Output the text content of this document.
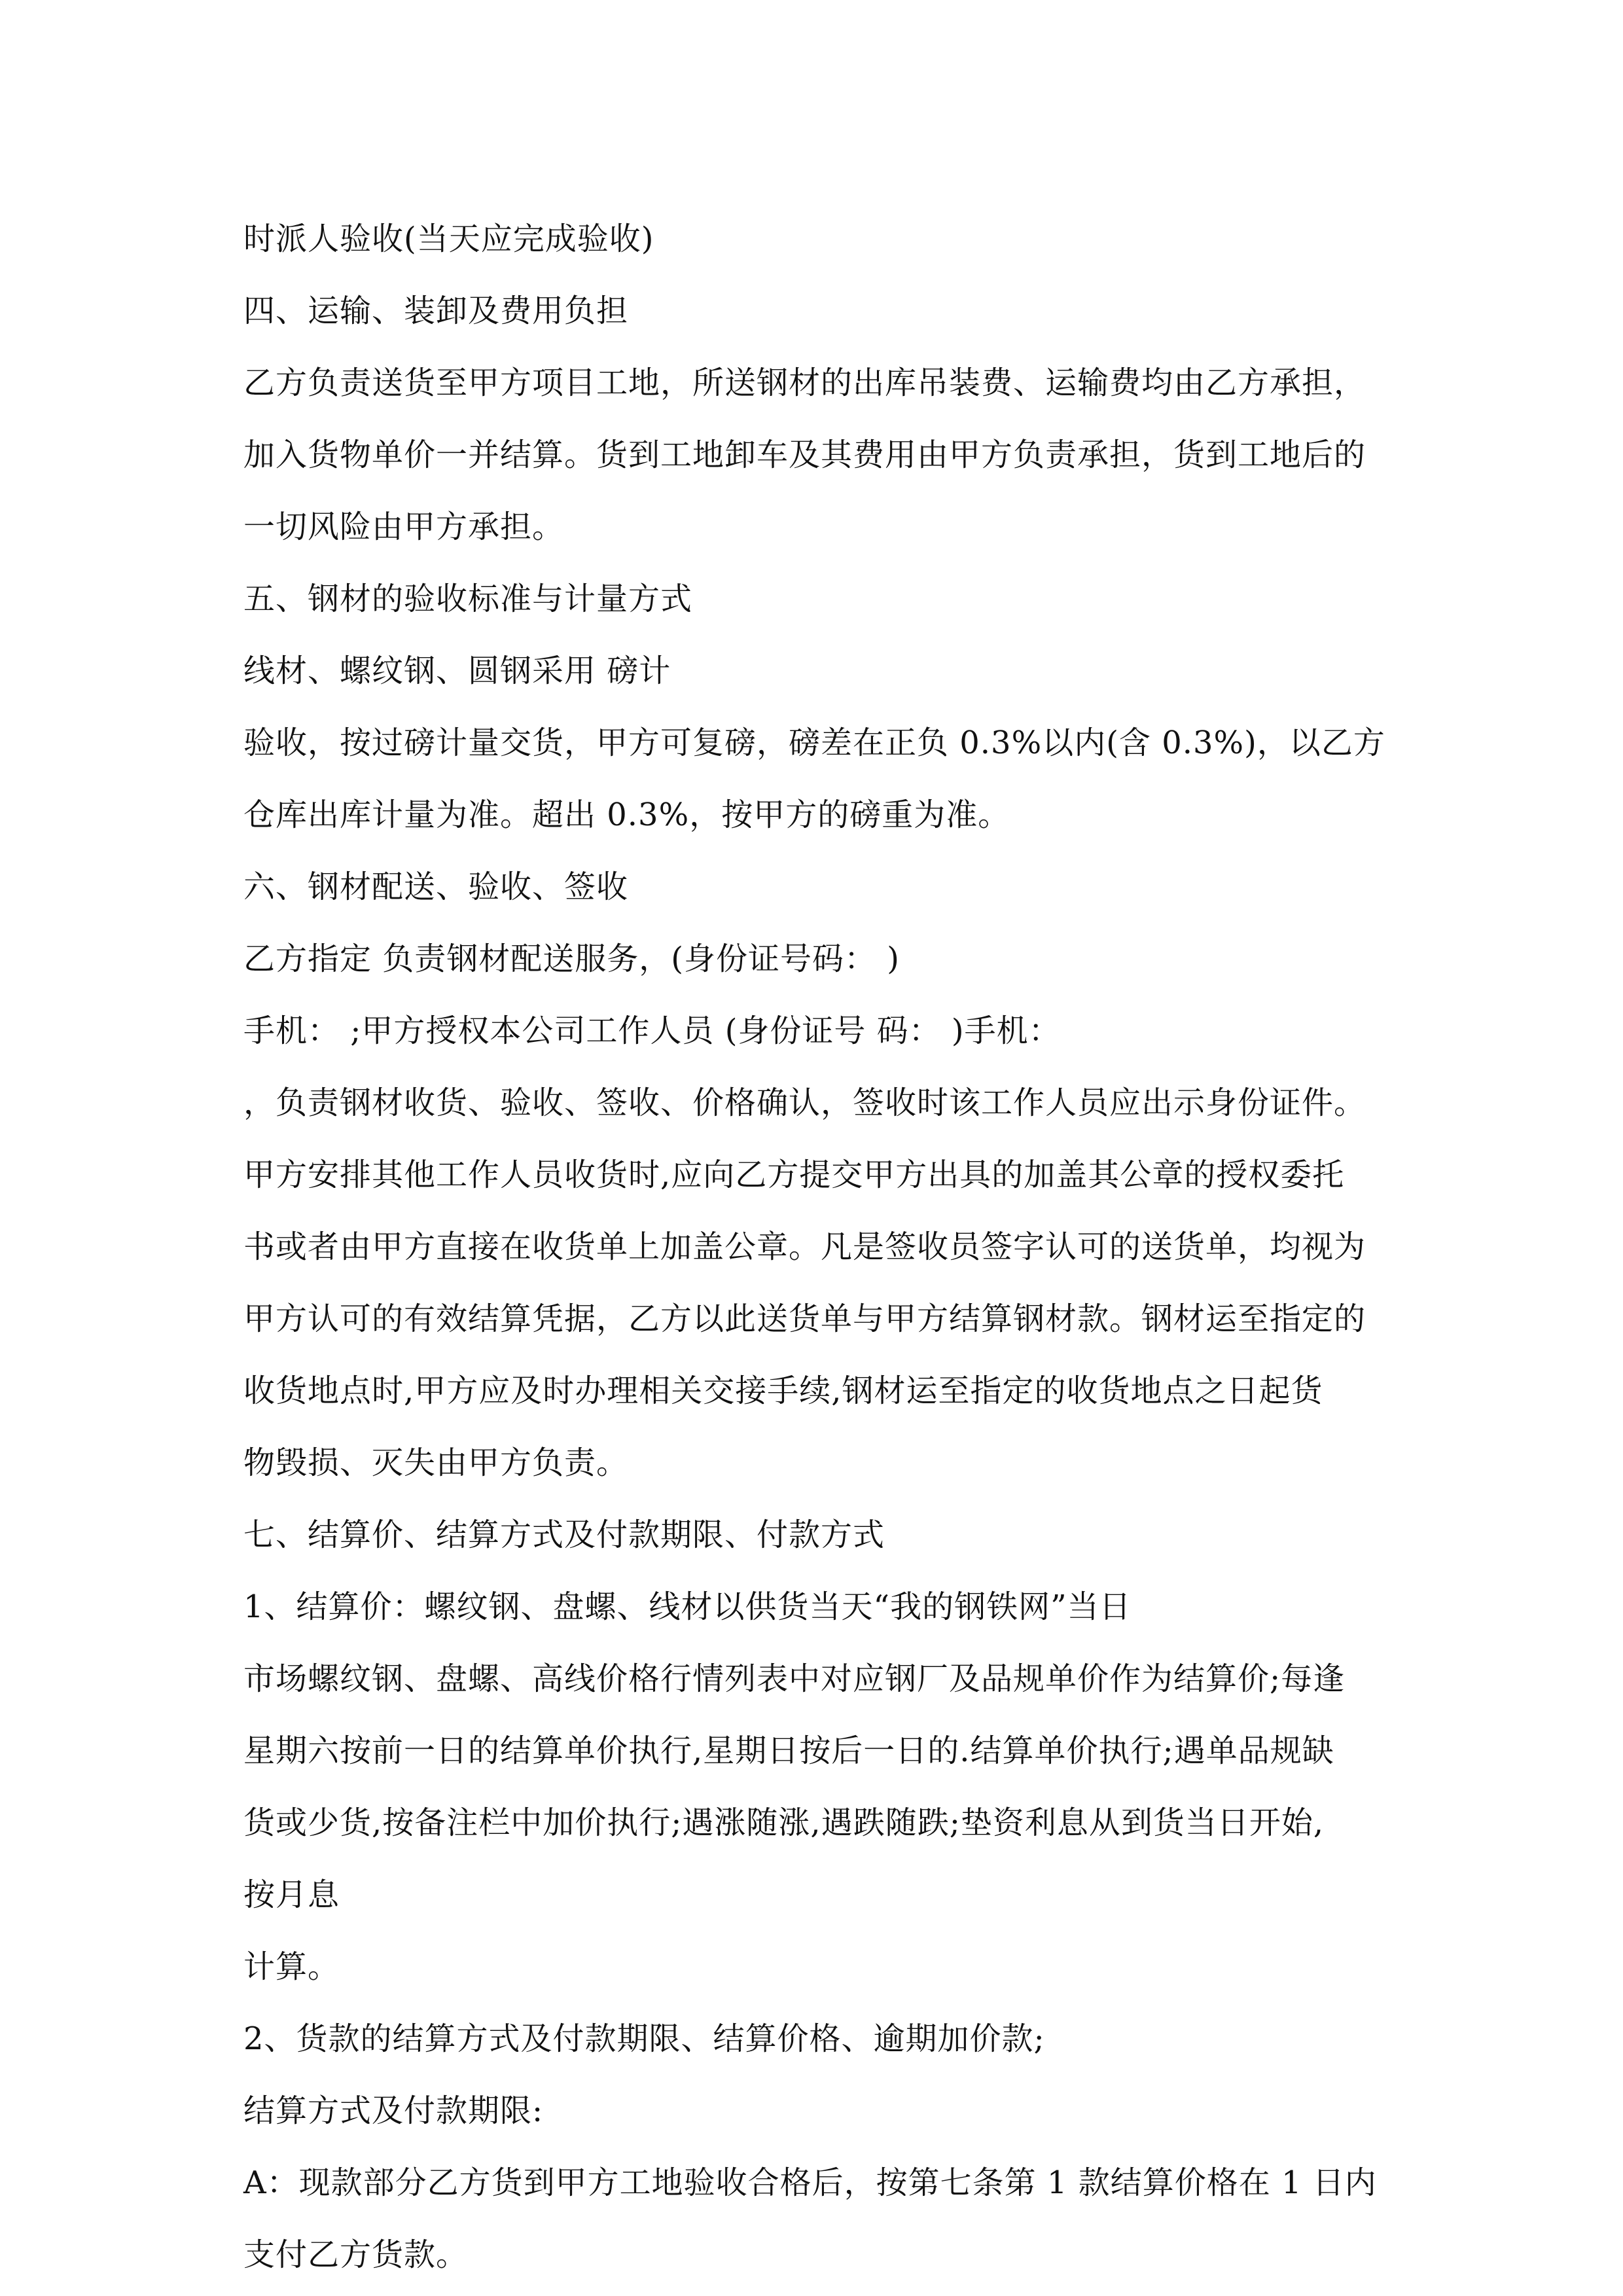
时派人验收(当天应完成验收)
四、运输、装卸及费用负担
乙方负责送货至甲方项目工地，所送钢材的出库吊装费、运输费均由乙方承担，
加入货物单价一并结算。货到工地卸车及其费用由甲方负责承担，货到工地后的
一切风险由甲方承担。
五、钢材的验收标准与计量方式
线材、螺纹钢、圆钢采用 磅计
验收，按过磅计量交货，甲方可复磅，磅差在正负 0.3%以内(含 0.3%)，以乙方
仓库出库计量为准。超出 0.3%，按甲方的磅重为准。
六、钢材配送、验收、签收
乙方指定 负责钢材配送服务，(身份证号码： )
手机： ;甲方授权本公司工作人员 (身份证号 码： )手机：
，负责钢材收货、验收、签收、价格确认，签收时该工作人员应出示身份证件。
甲方安排其他工作人员收货时,应向乙方提交甲方出具的加盖其公章的授权委托
书或者由甲方直接在收货单上加盖公章。凡是签收员签字认可的送货单，均视为
甲方认可的有效结算凭据，乙方以此送货单与甲方结算钢材款。钢材运至指定的
收货地点时,甲方应及时办理相关交接手续,钢材运至指定的收货地点之日起货
物毁损、灭失由甲方负责。
七、结算价、结算方式及付款期限、付款方式
1、结算价：螺纹钢、盘螺、线材以供货当天“我的钢铁网”当日
市场螺纹钢、盘螺、高线价格行情列表中对应钢厂及品规单价作为结算价;每逢
星期六按前一日的结算单价执行,星期日按后一日的.结算单价执行;遇单品规缺
货或少货,按备注栏中加价执行;遇涨随涨,遇跌随跌;垫资利息从到货当日开始,
按月息
计算。
2、货款的结算方式及付款期限、结算价格、逾期加价款;
结算方式及付款期限:
A：现款部分乙方货到甲方工地验收合格后，按第七条第 1 款结算价格在 1 日内
支付乙方货款。
